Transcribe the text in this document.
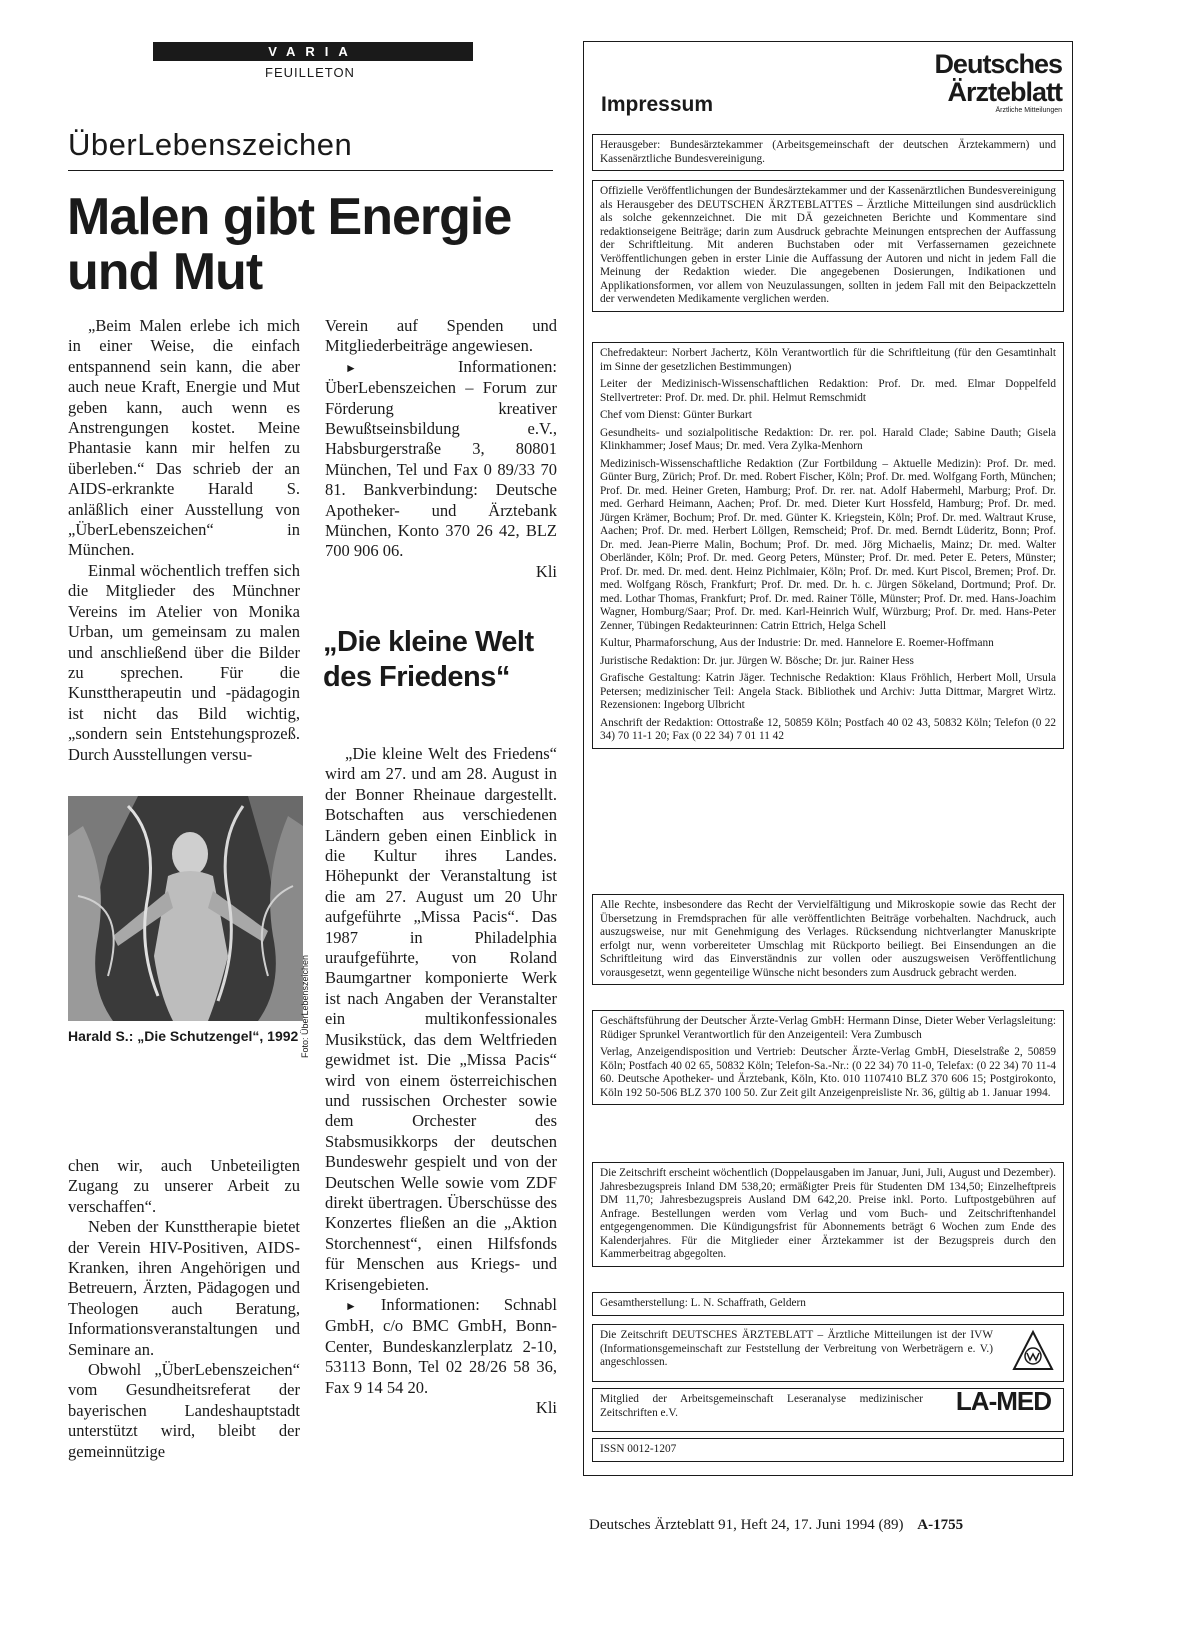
VARIA
FEUILLETON
ÜberLebenszeichen
Malen gibt Energie und Mut

„Beim Malen erlebe ich mich in einer Weise, die einfach entspannend sein kann, die aber auch neue Kraft, Energie und Mut geben kann, auch wenn es Anstrengungen kostet. Meine Phantasie kann mir helfen zu überleben.“ Das schrieb der an AIDS-erkrankte Harald S. anläßlich einer Ausstellung von „ÜberLebenszeichen“ in München.

Einmal wöchentlich treffen sich die Mitglieder des Münchner Vereins im Atelier von Monika Urban, um gemeinsam zu malen und anschließend über die Bilder zu sprechen. Für die Kunsttherapeutin und -pädagogin ist nicht das Bild wichtig, „sondern sein Entstehungsprozeß. Durch Ausstellungen versu-

Foto: ÜberLebenszeichen
Harald S.: „Die Schutzengel“, 1992

chen wir, auch Unbeteiligten Zugang zu unserer Arbeit zu verschaffen“.

Neben der Kunsttherapie bietet der Verein HIV-Positiven, AIDS-Kranken, ihren Angehörigen und Betreuern, Ärzten, Pädagogen und Theologen auch Beratung, Informationsveranstaltungen und Seminare an.

Obwohl „ÜberLebenszeichen“ vom Gesundheitsreferat der bayerischen Landeshauptstadt unterstützt wird, bleibt der gemeinnützige

Verein auf Spenden und Mitgliederbeiträge angewiesen.

►	Informationen: ÜberLebenszeichen – Forum zur Förderung kreativer Bewußtseinsbildung e.V., Habsburgerstraße 3, 80801 München, Tel und Fax 0 89/33 70 81. Bankverbindung: Deutsche Apotheker- und Ärztebank München, Konto 370 26 42, BLZ 700 906 06.
Kli

„Die kleine Welt des Friedens“

„Die kleine Welt des Friedens“ wird am 27. und am 28. August in der Bonner Rheinaue dargestellt. Botschaften aus verschiedenen Ländern geben einen Einblick in die Kultur ihres Landes. Höhepunkt der Veranstaltung ist die am 27. August um 20 Uhr aufgeführte „Missa Pacis“. Das 1987 in Philadelphia uraufgeführte, von Roland Baumgartner komponierte Werk ist nach Angaben der Veranstalter ein multikonfessionales Musikstück, das dem Weltfrieden gewidmet ist. Die „Missa Pacis“ wird von einem österreichischen und russischen Orchester sowie dem Orchester des Stabsmusikkorps der deutschen Bundeswehr gespielt und von der Deutschen Welle sowie vom ZDF direkt übertragen. Überschüsse des Konzertes fließen an die „Aktion Storchennest“, einen Hilfsfonds für Menschen aus Kriegs- und Krisengebieten.

► Informationen: Schnabl GmbH, c/o BMC GmbH, Bonn-Center, Bundeskanzlerplatz 2-10, 53113 Bonn, Tel 02 28/26 58 36, Fax 9 14 54 20.
Kli

Impressum
Deutsches
Ärzteblatt
Ärztliche Mitteilungen

Herausgeber: Bundesärztekammer (Arbeitsgemeinschaft der deutschen Ärztekammern) und Kassenärztliche Bundesvereinigung.

Offizielle Veröffentlichungen der Bundesärztekammer und der Kassenärztlichen Bundesvereinigung als Herausgeber des DEUTSCHEN ÄRZTEBLATTES – Ärztliche Mitteilungen sind ausdrücklich als solche gekennzeichnet. Die mit DÄ gezeichneten Berichte und Kommentare sind redaktionseigene Beiträge; darin zum Ausdruck gebrachte Meinungen entsprechen der Auffassung der Schriftleitung. Mit anderen Buchstaben oder mit Verfassernamen gezeichnete Veröffentlichungen geben in erster Linie die Auffassung der Autoren und nicht in jedem Fall die Meinung der Redaktion wieder. Die angegebenen Dosierungen, Indikationen und Applikationsformen, vor allem von Neuzulassungen, sollten in jedem Fall mit den Beipackzetteln der verwendeten Medikamente verglichen werden.

Chefredakteur: Norbert Jachertz, Köln Verantwortlich für die Schriftleitung (für den Gesamtinhalt im Sinne der gesetzlichen Bestimmungen)

Leiter der Medizinisch-Wissenschaftlichen Redaktion: Prof. Dr. med. Elmar Doppelfeld Stellvertreter: Prof. Dr. med. Dr. phil. Helmut Remschmidt

Chef vom Dienst: Günter Burkart

Gesundheits- und sozialpolitische Redaktion: Dr. rer. pol. Harald Clade; Sabine Dauth; Gisela Klinkhammer; Josef Maus; Dr. med. Vera Zylka-Menhorn

Medizinisch-Wissenschaftliche Redaktion (Zur Fortbildung – Aktuelle Medizin): Prof. Dr. med. Günter Burg, Zürich; Prof. Dr. med. Robert Fischer, Köln; Prof. Dr. med. Wolfgang Forth, München; Prof. Dr. med. Heiner Greten, Hamburg; Prof. Dr. rer. nat. Adolf Habermehl, Marburg; Prof. Dr. med. Gerhard Heimann, Aachen; Prof. Dr. med. Dieter Kurt Hossfeld, Hamburg; Prof. Dr. med. Jürgen Krämer, Bochum; Prof. Dr. med. Günter K. Kriegstein, Köln; Prof. Dr. med. Waltraut Kruse, Aachen; Prof. Dr. med. Herbert Löllgen, Remscheid; Prof. Dr. med. Berndt Lüderitz, Bonn; Prof. Dr. med. Jean-Pierre Malin, Bochum; Prof. Dr. med. Jörg Michaelis, Mainz; Dr. med. Walter Oberländer, Köln; Prof. Dr. med. Georg Peters, Münster; Prof. Dr. med. Peter E. Peters, Münster; Prof. Dr. med. Dr. med. dent. Heinz Pichlmaier, Köln; Prof. Dr. med. Kurt Piscol, Bremen; Prof. Dr. med. Wolfgang Rösch, Frankfurt; Prof. Dr. med. Dr. h. c. Jürgen Sökeland, Dortmund; Prof. Dr. med. Lothar Thomas, Frankfurt; Prof. Dr. med. Rainer Tölle, Münster; Prof. Dr. med. Hans-Joachim Wagner, Homburg/Saar; Prof. Dr. med. Karl-Heinrich Wulf, Würzburg; Prof. Dr. med. Hans-Peter Zenner, Tübingen Redakteurinnen: Catrin Ettrich, Helga Schell

Kultur, Pharmaforschung, Aus der Industrie: Dr. med. Hannelore E. Roemer-Hoffmann

Juristische Redaktion: Dr. jur. Jürgen W. Bösche; Dr. jur. Rainer Hess

Grafische Gestaltung: Katrin Jäger. Technische Redaktion: Klaus Fröhlich, Herbert Moll, Ursula Petersen; medizinischer Teil: Angela Stack. Bibliothek und Archiv: Jutta Dittmar, Margret Wirtz. Rezensionen: Ingeborg Ulbricht

Anschrift der Redaktion: Ottostraße 12, 50859 Köln; Postfach 40 02 43, 50832 Köln; Telefon (0 22 34) 70 11-1 20; Fax (0 22 34) 7 01 11 42

Alle Rechte, insbesondere das Recht der Vervielfältigung und Mikroskopie sowie das Recht der Übersetzung in Fremdsprachen für alle veröffentlichten Beiträge vorbehalten. Nachdruck, auch auszugsweise, nur mit Genehmigung des Verlages. Rücksendung nichtverlangter Manuskripte erfolgt nur, wenn vorbereiteter Umschlag mit Rückporto beiliegt. Bei Einsendungen an die Schriftleitung wird das Einverständnis zur vollen oder auszugsweisen Veröffentlichung vorausgesetzt, wenn gegenteilige Wünsche nicht besonders zum Ausdruck gebracht werden.

Geschäftsführung der Deutscher Ärzte-Verlag GmbH: Hermann Dinse, Dieter Weber Verlagsleitung: Rüdiger Sprunkel Verantwortlich für den Anzeigenteil: Vera Zumbusch

Verlag, Anzeigendisposition und Vertrieb: Deutscher Ärzte-Verlag GmbH, Dieselstraße 2, 50859 Köln; Postfach 40 02 65, 50832 Köln; Telefon-Sa.-Nr.: (0 22 34) 70 11-0, Telefax: (0 22 34) 70 11-4 60. Deutsche Apotheker- und Ärztebank, Köln, Kto. 010 1107410 BLZ 370 606 15; Postgirokonto, Köln 192 50-506 BLZ 370 100 50. Zur Zeit gilt Anzeigenpreisliste Nr. 36, gültig ab 1. Januar 1994.

Die Zeitschrift erscheint wöchentlich (Doppelausgaben im Januar, Juni, Juli, August und Dezember). Jahresbezugspreis Inland DM 538,20; ermäßigter Preis für Studenten DM 134,50; Einzelheftpreis DM 11,70; Jahresbezugspreis Ausland DM 642,20. Preise inkl. Porto. Luftpostgebühren auf Anfrage. Bestellungen werden vom Verlag und vom Buch- und Zeitschriftenhandel entgegengenommen. Die Kündigungsfrist für Abonnements beträgt 6 Wochen zum Ende des Kalenderjahres. Für die Mitglieder einer Ärztekammer ist der Bezugspreis durch den Kammerbeitrag abgegolten.

Gesamtherstellung: L. N. Schaffrath, Geldern

Die Zeitschrift DEUTSCHES ÄRZTEBLATT – Ärztliche Mitteilungen ist der IVW (Informationsgemeinschaft zur Feststellung der Verbreitung von Werbeträgern e. V.) angeschlossen.

Mitglied der Arbeitsgemeinschaft Leseranalyse medizinischer Zeitschriften e.V.	LA-MED

ISSN 0012-1207

Deutsches Ärzteblatt 91, Heft 24, 17. Juni 1994 (89) A-1755
